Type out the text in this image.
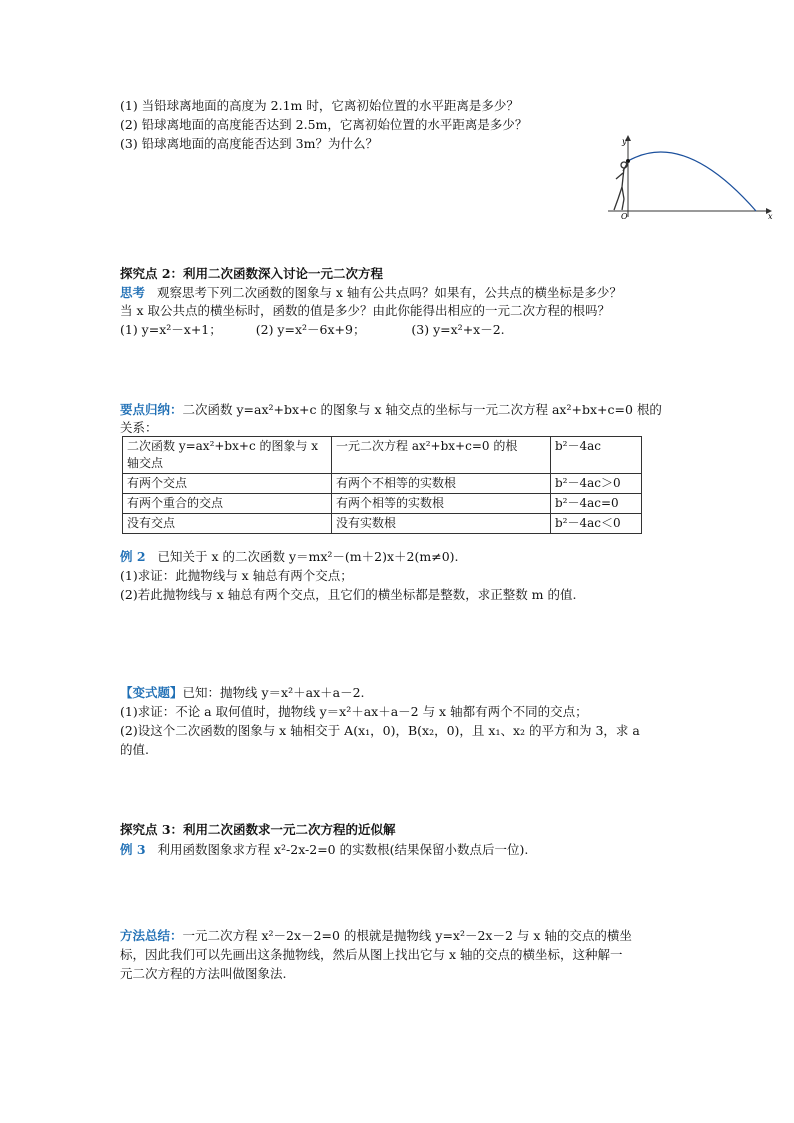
(1) 当铅球离地面的高度为 2.1m 时，它离初始位置的水平距离是多少？
(2) 铅球离地面的高度能否达到 2.5m，它离初始位置的水平距离是多少？
(3) 铅球离地面的高度能否达到 3m？为什么？	y
x
O
探究点 2：利用二次函数深入讨论一元二次方程
思考 观察思考下列二次函数的图象与 x 轴有公共点吗？如果有，公共点的横坐标是多少？
当 x 取公共点的横坐标时，函数的值是多少？由此你能得出相应的一元二次方程的根吗？
(1) y=x²－x+1；	(2) y=x²－6x+9；	(3) y=x²+x－2.
要点归纳：二次函数 y=ax²+bx+c 的图象与 x 轴交点的坐标与一元二次方程 ax²+bx+c=0 根的
关系：
二次函数 y=ax²+bx+c 的图象与 x 轴交点	一元二次方程 ax²+bx+c=0 的根	b²－4ac
有两个交点	有两个不相等的实数根	b²－4ac＞0
有两个重合的交点	有两个相等的实数根	b²－4ac=0
没有交点	没有实数根	b²－4ac＜0
例 2 已知关于 x 的二次函数 y＝mx²－(m＋2)x＋2(m≠0).
(1)求证：此抛物线与 x 轴总有两个交点；
(2)若此抛物线与 x 轴总有两个交点，且它们的横坐标都是整数，求正整数 m 的值.
【变式题】已知：抛物线 y＝x²＋ax＋a－2.
(1)求证：不论 a 取何值时，抛物线 y＝x²＋ax＋a－2 与 x 轴都有两个不同的交点；
(2)设这个二次函数的图象与 x 轴相交于 A(x₁，0)，B(x₂，0)，且 x₁、x₂ 的平方和为 3，求 a
的值.
探究点 3：利用二次函数求一元二次方程的近似解
例 3 利用函数图象求方程 x²-2x-2=0 的实数根(结果保留小数点后一位).
方法总结：一元二次方程 x²－2x－2=0 的根就是抛物线 y=x²－2x－2 与 x 轴的交点的横坐
标，因此我们可以先画出这条抛物线，然后从图上找出它与 x 轴的交点的横坐标，这种解一
元二次方程的方法叫做图象法.
